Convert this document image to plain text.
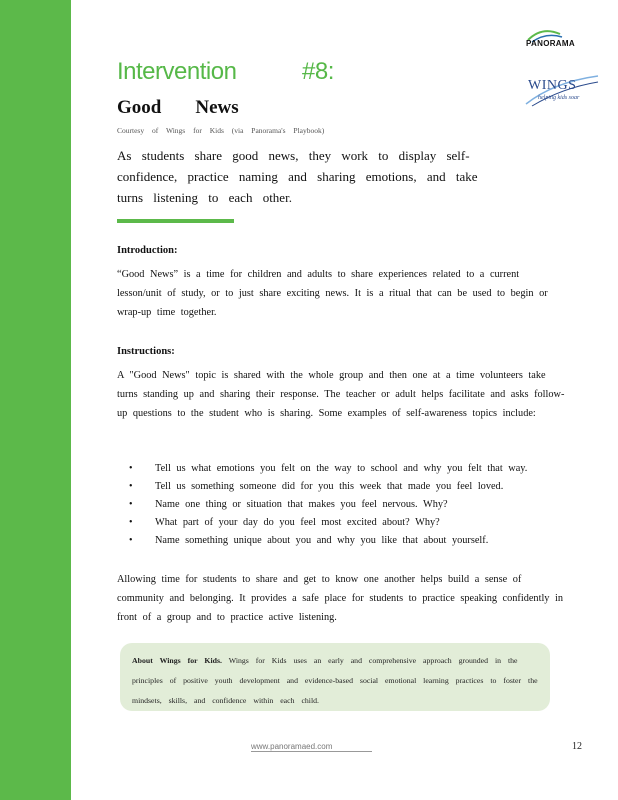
PANORAMA
WINGS
helping kids soar
Intervention	#8:
Good News
Courtesy of Wings for Kids (via Panorama's Playbook)
As students share good news, they work to display self-confidence, practice naming and sharing emotions, and take turns listening to each other.
Introduction:
“Good News” is a time for children and adults to share experiences related to a current lesson/unit of study, or to just share exciting news. It is a ritual that can be used to begin or wrap-up time together.
Instructions:
A "Good News" topic is shared with the whole group and then one at a time volunteers take turns standing up and sharing their response. The teacher or adult helps facilitate and asks follow-up questions to the student who is sharing. Some examples of self-awareness topics include:
• Tell us what emotions you felt on the way to school and why you felt that way.
• Tell us something someone did for you this week that made you feel loved.
• Name one thing or situation that makes you feel nervous. Why?
• What part of your day do you feel most excited about? Why?
• Name something unique about you and why you like that about yourself.
Allowing time for students to share and get to know one another helps build a sense of community and belonging. It provides a safe place for students to practice speaking confidently in front of a group and to practice active listening.

About Wings for Kids. Wings for Kids uses an early and comprehensive approach grounded in the principles of positive youth development and evidence-based social emotional learning practices to foster the mindsets, skills, and confidence within each child.

www.panoramaed.com	12
